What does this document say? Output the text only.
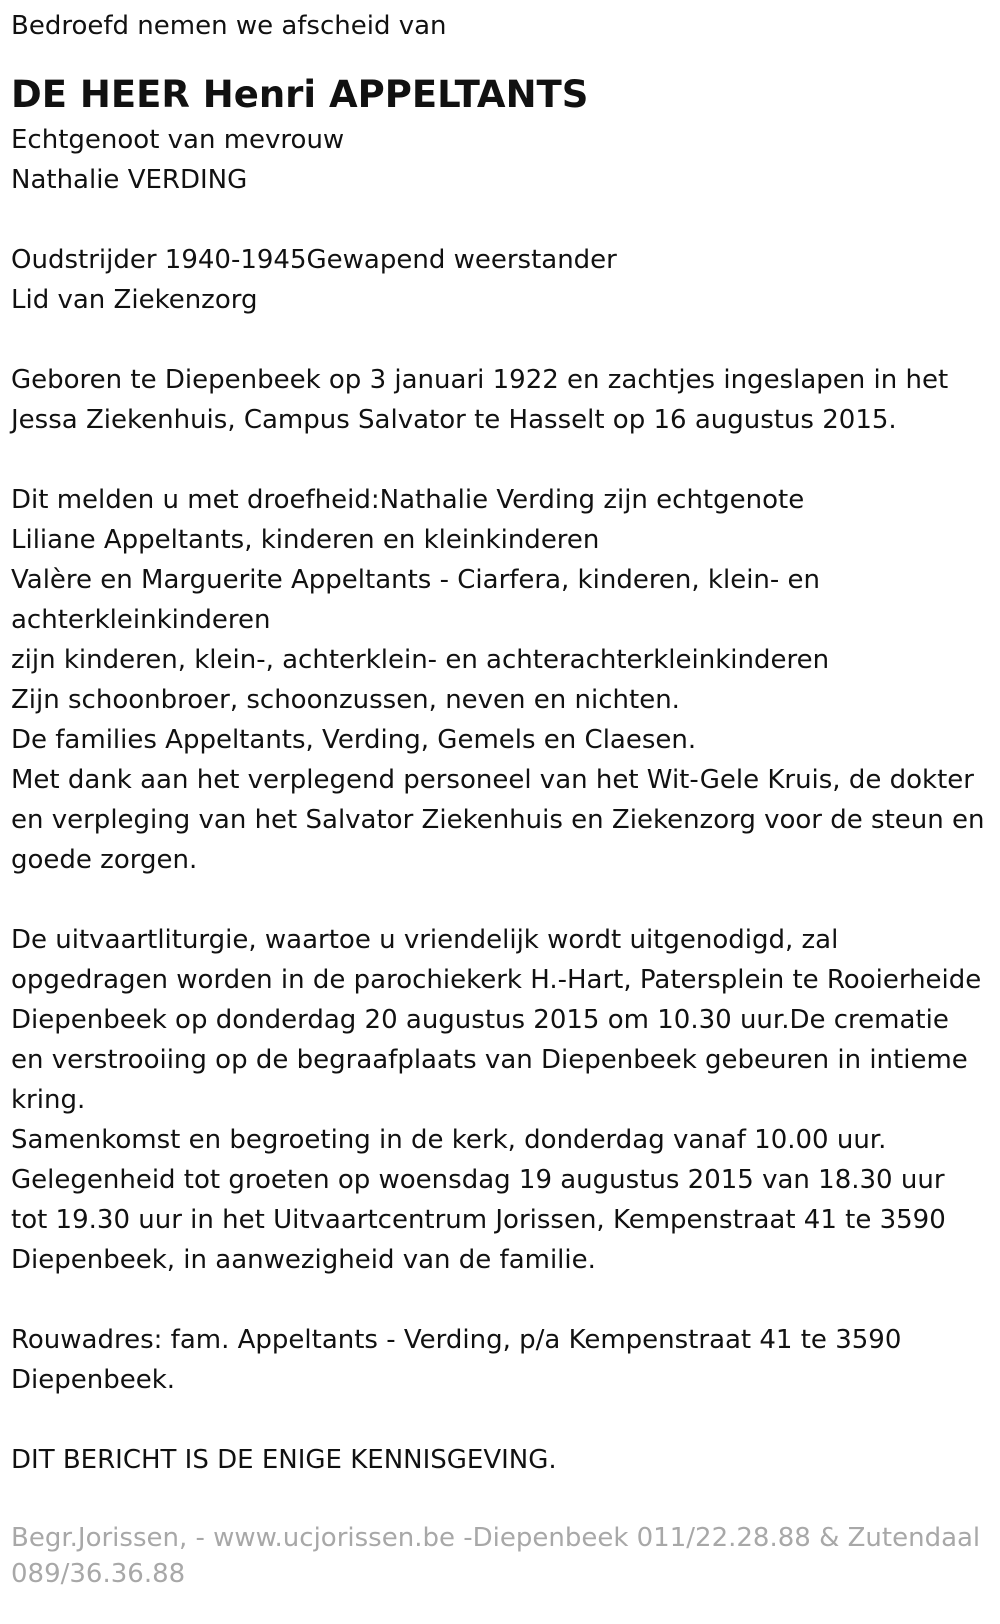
Bedroefd nemen we afscheid van

DE HEER Henri APPELTANTS

Echtgenoot van mevrouw

Nathalie VERDING

Oudstrijder 1940-1945Gewapend weerstander

Lid van Ziekenzorg

Geboren te Diepenbeek op 3 januari 1922 en zachtjes ingeslapen in het Jessa Ziekenhuis, Campus Salvator te Hasselt op 16 augustus 2015.

Dit melden u met droefheid:Nathalie Verding zijn echtgenote

Liliane Appeltants, kinderen en kleinkinderen

Valère en Marguerite Appeltants - Ciarfera, kinderen, klein- en achterkleinkinderen

zijn kinderen, klein-, achterklein- en achterachterkleinkinderen

Zijn schoonbroer, schoonzussen, neven en nichten.

De families Appeltants, Verding, Gemels en Claesen.

Met dank aan het verplegend personeel van het Wit-Gele Kruis, de dokter en verpleging van het Salvator Ziekenhuis en Ziekenzorg voor de steun en goede zorgen.

De uitvaartliturgie, waartoe u vriendelijk wordt uitgenodigd, zal opgedragen worden in de parochiekerk H.-Hart, Patersplein te Rooierheide Diepenbeek op donderdag 20 augustus 2015 om 10.30 uur.De crematie en verstrooiing op de begraafplaats van Diepenbeek gebeuren in intieme kring.

Samenkomst en begroeting in de kerk, donderdag vanaf 10.00 uur.

Gelegenheid tot groeten op woensdag 19 augustus 2015 van 18.30 uur tot 19.30 uur in het Uitvaartcentrum Jorissen, Kempenstraat 41 te 3590 Diepenbeek, in aanwezigheid van de familie.

Rouwadres: fam. Appeltants - Verding, p/a Kempenstraat 41 te 3590 Diepenbeek.

DIT BERICHT IS DE ENIGE KENNISGEVING.

Begr.Jorissen, - www.ucjorissen.be -Diepenbeek 011/22.28.88 & Zutendaal 089/36.36.88
